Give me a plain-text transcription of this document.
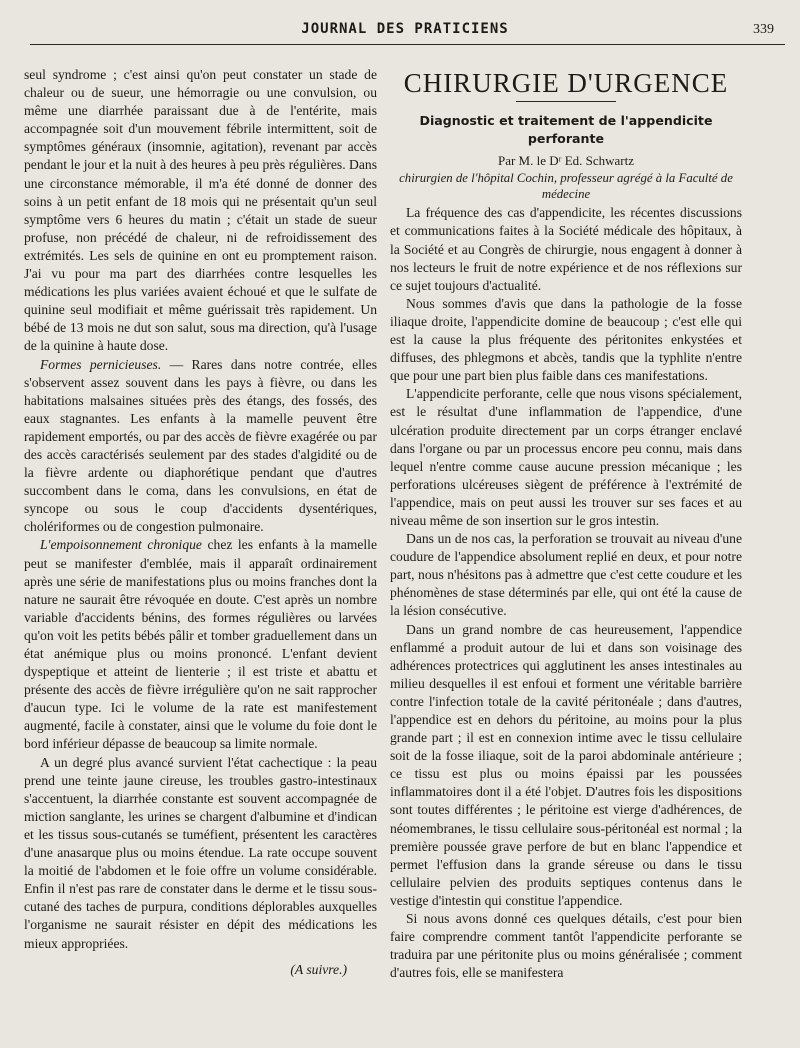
JOURNAL DES PRATICIENS	339

seul syndrome ; c'est ainsi qu'on peut constater un stade de chaleur ou de sueur, une hémorragie ou une convulsion, ou même une diarrhée paraissant due à de l'entérite, mais accompagnée soit d'un mouvement fébrile intermittent, soit de symptômes généraux (insomnie, agitation), revenant par accès pendant le jour et la nuit à des heures à peu près régulières. Dans une circonstance mémorable, il m'a été donné de donner des soins à un petit enfant de 18 mois qui ne présentait qu'un seul symptôme vers 6 heures du matin ; c'était un stade de sueur profuse, non précédé de chaleur, ni de refroidissement des extrémités. Les sels de quinine en ont eu promptement raison. J'ai vu pour ma part des diarrhées contre lesquelles les médications les plus variées avaient échoué et que le sulfate de quinine seul modifiait et même guérissait très rapidement. Un bébé de 13 mois ne dut son salut, sous ma direction, qu'à l'usage de la quinine à haute dose.

Formes pernicieuses. — Rares dans notre contrée, elles s'observent assez souvent dans les pays à fièvre, ou dans les habitations malsaines situées près des étangs, des fossés, des eaux stagnantes. Les enfants à la mamelle peuvent être rapidement emportés, ou par des accès de fièvre exagérée ou par des accès caractérisés seulement par des stades d'algidité ou de la fièvre ardente ou diaphorétique pendant que d'autres succombent dans le coma, dans les convulsions, en état de syncope ou sous le coup d'accidents dysentériques, cholériformes ou de congestion pulmonaire.

L'empoisonnement chronique chez les enfants à la mamelle peut se manifester d'emblée, mais il apparaît ordinairement après une série de manifestations plus ou moins franches dont la nature ne saurait être révoquée en doute. C'est après un nombre variable d'accidents bénins, des formes régulières ou larvées qu'on voit les petits bébés pâlir et tomber graduellement dans un état anémique plus ou moins prononcé. L'enfant devient dyspeptique et atteint de lienterie ; il est triste et abattu et présente des accès de fièvre irrégulière qu'on ne sait rapprocher d'aucun type. Ici le volume de la rate est manifestement augmenté, facile à constater, ainsi que le volume du foie dont le bord inférieur dépasse de beaucoup sa limite normale.

A un degré plus avancé survient l'état cachectique : la peau prend une teinte jaune cireuse, les troubles gastro-intestinaux s'accentuent, la diarrhée constante est souvent accompagnée de miction sanglante, les urines se chargent d'albumine et d'indican et les tissus sous-cutanés se tuméfient, présentent les caractères d'une anasarque plus ou moins étendue. La rate occupe souvent la moitié de l'abdomen et le foie offre un volume considérable. Enfin il n'est pas rare de constater dans le derme et le tissu sous-cutané des taches de purpura, conditions déplorables auxquelles l'organisme ne saurait résister en dépit des médications les mieux appropriées.

(A suivre.)
CHIRURGIE D'URGENCE
Diagnostic et traitement de l'appendicite perforante
Par M. le Dʳ Ed. Schwartz
chirurgien de l'hôpital Cochin, professeur agrégé à la Faculté de médecine

La fréquence des cas d'appendicite, les récentes discussions et communications faites à la Société médicale des hôpitaux, à la Société et au Congrès de chirurgie, nous engagent à donner à nos lecteurs le fruit de notre expérience et de nos réflexions sur ce sujet toujours d'actualité.

Nous sommes d'avis que dans la pathologie de la fosse iliaque droite, l'appendicite domine de beaucoup ; c'est elle qui est la cause la plus fréquente des péritonites enkystées et diffuses, des phlegmons et abcès, tandis que la typhlite n'entre que pour une part bien plus faible dans ces manifestations.

L'appendicite perforante, celle que nous visons spécialement, est le résultat d'une inflammation de l'appendice, d'une ulcération produite directement par un corps étranger enclavé dans l'organe ou par un processus encore peu connu, mais dans lequel n'entre comme cause aucune pression mécanique ; les perforations ulcéreuses siègent de préférence à l'extrémité de l'appendice, mais on peut aussi les trouver sur ses faces et au niveau même de son insertion sur le gros intestin.

Dans un de nos cas, la perforation se trouvait au niveau d'une coudure de l'appendice absolument replié en deux, et pour notre part, nous n'hésitons pas à admettre que c'est cette coudure et les phénomènes de stase déterminés par elle, qui ont été la cause de la lésion consécutive.

Dans un grand nombre de cas heureusement, l'appendice enflammé a produit autour de lui et dans son voisinage des adhérences protectrices qui agglutinent les anses intestinales au milieu desquelles il est enfoui et forment une véritable barrière contre l'infection totale de la cavité péritonéale ; dans d'autres, l'appendice est en dehors du péritoine, au moins pour la plus grande part ; il est en connexion intime avec le tissu cellulaire soit de la fosse iliaque, soit de la paroi abdominale antérieure ; ce tissu est plus ou moins épaissi par les poussées inflammatoires dont il a été l'objet. D'autres fois les dispositions sont toutes différentes ; le péritoine est vierge d'adhérences, de néomembranes, le tissu cellulaire sous-péritonéal est normal ; la première poussée grave perfore de but en blanc l'appendice et permet l'effusion dans la grande séreuse ou dans le tissu cellulaire pelvien des produits septiques contenus dans le vestige d'intestin qui constitue l'appendice.

Si nous avons donné ces quelques détails, c'est pour bien faire comprendre comment tantôt l'appendicite perforante se traduira par une péritonite plus ou moins généralisée ; comment d'autres fois, elle se manifestera
